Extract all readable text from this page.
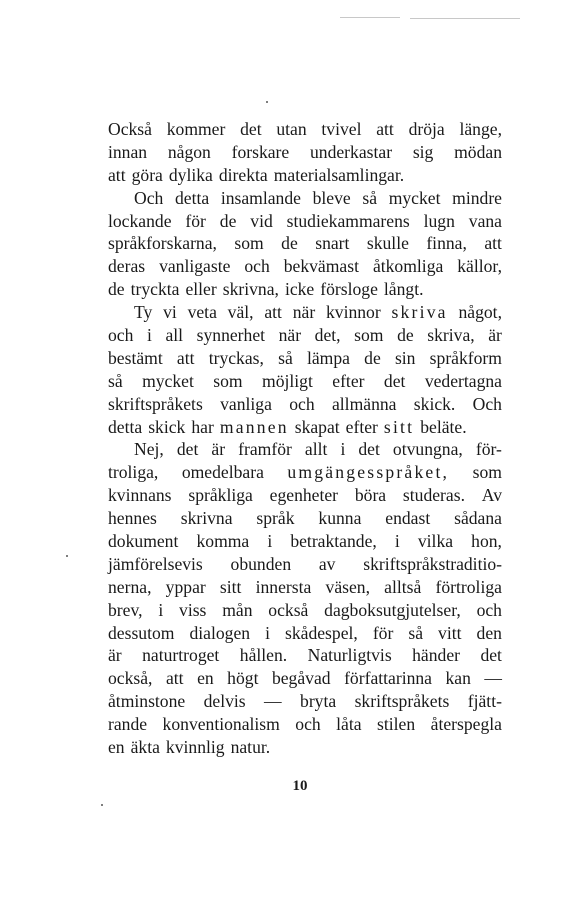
Också kommer det utan tvivel att dröja länge,
innan någon forskare underkastar sig mödan
att göra dylika direkta materialsamlingar.
Och detta insamlande bleve så mycket mindre
lockande för de vid studiekammarens lugn vana
språkforskarna, som de snart skulle finna, att
deras vanligaste och bekvämast åtkomliga källor,
de tryckta eller skrivna, icke försloge långt.
Ty vi veta väl, att när kvinnor skriva något,
och i all synnerhet när det, som de skriva, är
bestämt att tryckas, så lämpa de sin språkform
så mycket som möjligt efter det vedertagna
skriftspråkets vanliga och allmänna skick. Och
detta skick har mannen skapat efter sitt beläte.
Nej, det är framför allt i det otvungna, för-
troliga, omedelbara umgängesspråket, som
kvinnans språkliga egenheter böra studeras. Av
hennes skrivna språk kunna endast sådana
dokument komma i betraktande, i vilka hon,
jämförelsevis obunden av skriftspråkstraditio-
nerna, yppar sitt innersta väsen, alltså förtroliga
brev, i viss mån också dagboksutgjutelser, och
dessutom dialogen i skådespel, för så vitt den
är naturtroget hållen. Naturligtvis händer det
också, att en högt begåvad författarinna kan —
åtminstone delvis — bryta skriftspråkets fjätt-
rande konventionalism och låta stilen återspegla
en äkta kvinnlig natur.
10
